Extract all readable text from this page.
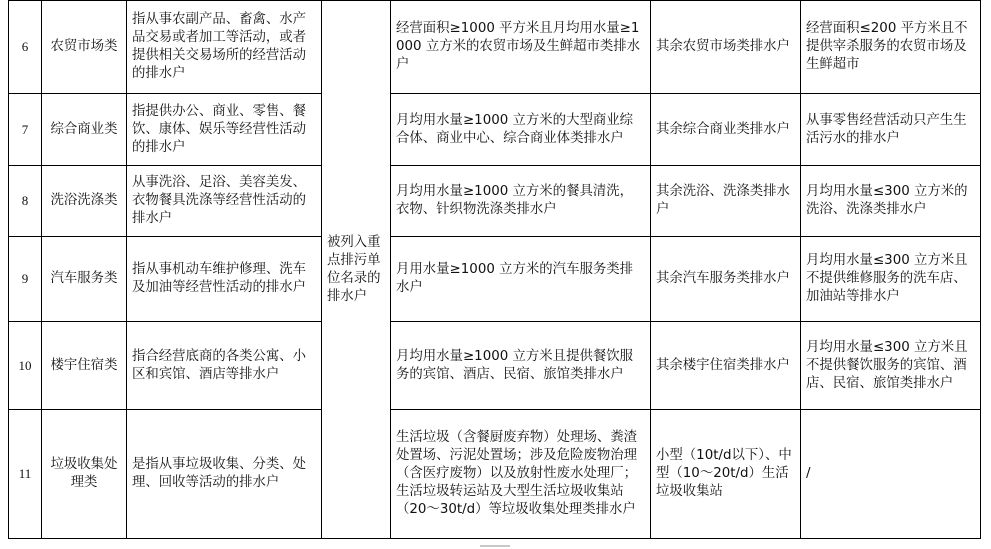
6	农贸市场类	指从事农副产品、畜禽、水产品交易或者加工等活动，或者提供相关交易场所的经营活动的排水户	被列入重点排污单位名录的排水户	经营面积≥1000 平方米且月均用水量≥1000 立方米的农贸市场及生鲜超市类排水户	其余农贸市场类排水户	经营面积≤200 平方米且不提供宰杀服务的农贸市场及生鲜超市
7	综合商业类	指提供办公、商业、零售、餐饮、康体、娱乐等经营性活动的排水户		月均用水量≥1000 立方米的大型商业综合体、商业中心、综合商业体类排水户	其余综合商业类排水户	从事零售经营活动只产生生活污水的排水户
8	洗浴洗涤类	从事洗浴、足浴、美容美发、衣物餐具洗涤等经营性活动的排水户		月均用水量≥1000 立方米的餐具清洗，衣物、针织物洗涤类排水户	其余洗浴、洗涤类排水户	月均用水量≤300 立方米的洗浴、洗涤类排水户
9	汽车服务类	指从事机动车维护修理、洗车及加油等经营性活动的排水户		月用水量≥1000 立方米的汽车服务类排水户	其余汽车服务类排水户	月均用水量≤300 立方米且不提供维修服务的洗车店、加油站等排水户
10	楼宇住宿类	指合经营底商的各类公寓、小区和宾馆、酒店等排水户		月均用水量≥1000 立方米且提供餐饮服务的宾馆、酒店、民宿、旅馆类排水户	其余楼宇住宿类排水户	月均用水量≤300 立方米且不提供餐饮服务的宾馆、酒店、民宿、旅馆类排水户
11	垃圾收集处理类	是指从事垃圾收集、分类、处理、回收等活动的排水户		生活垃圾（含餐厨废弃物）处理场、粪渣处置场、污泥处置场；涉及危险废物治理（含医疗废物）以及放射性废水处理厂；生活垃圾转运站及大型生活垃圾收集站（20～30t/d）等垃圾收集处理类排水户	小型（10t/d以下）、中型（10～20t/d）生活垃圾收集站	/
